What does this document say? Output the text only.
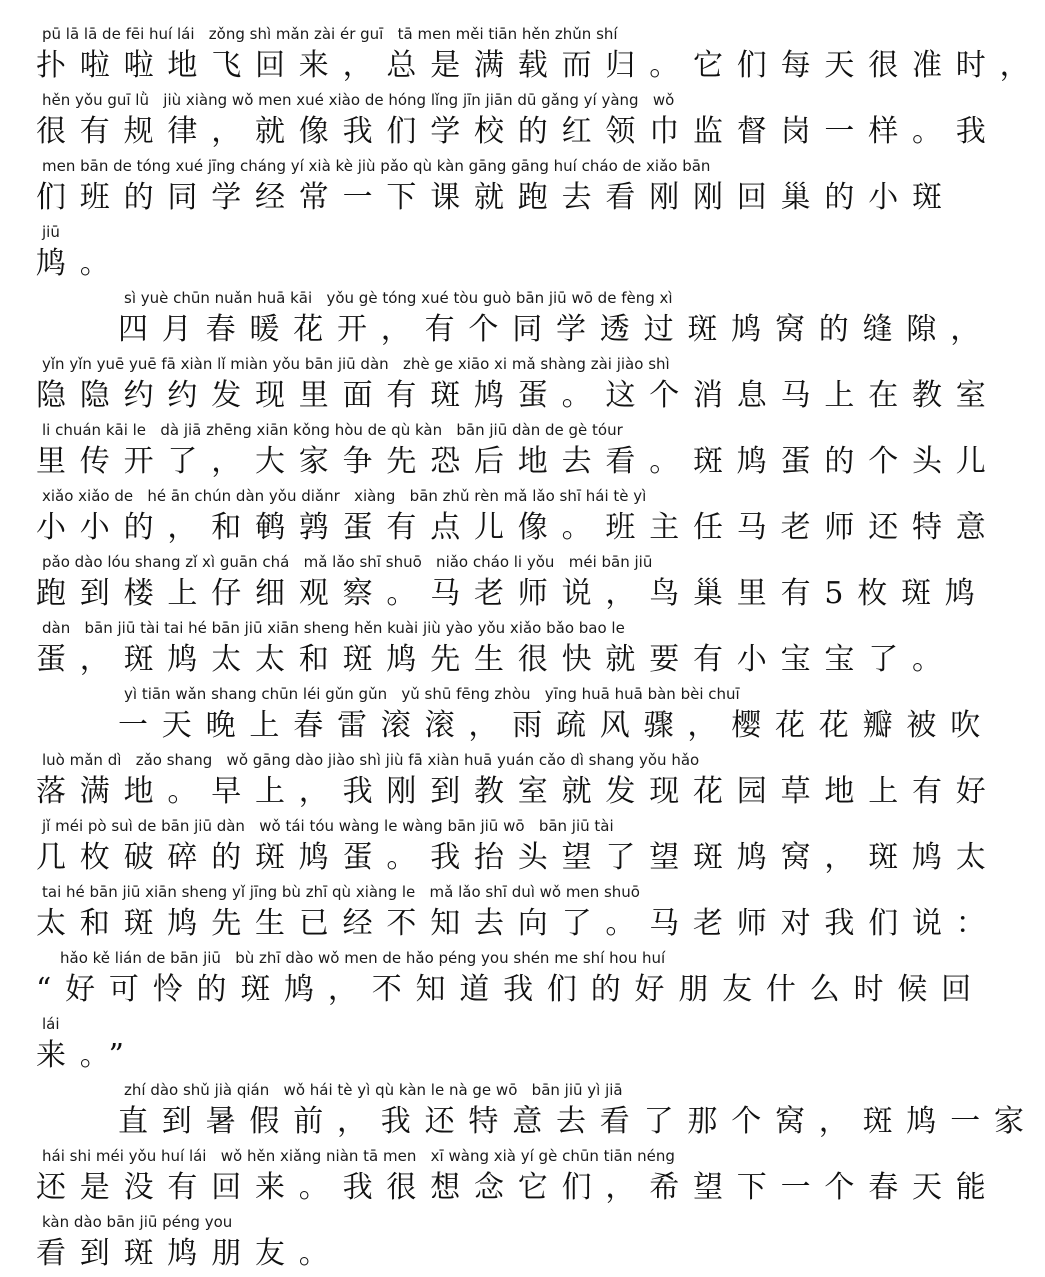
pū lā lā de fēi huí lái   zǒng shì mǎn zài ér guī   tā men měi tiān hěn zhǔn shí
扑啦啦地飞回来，总是满载而归。它们每天很准时，
hěn yǒu guī lǜ   jiù xiàng wǒ men xué xiào de hóng lǐng jīn jiān dū gǎng yí yàng   wǒ
很有规律，就像我们学校的红领巾监督岗一样。我
men bān de tóng xué jīng cháng yí xià kè jiù pǎo qù kàn gāng gāng huí cháo de xiǎo bān
们班的同学经常一下课就跑去看刚刚回巢的小斑
jiū
鸠。
sì yuè chūn nuǎn huā kāi   yǒu gè tóng xué tòu guò bān jiū wō de fèng xì
四月春暖花开，有个同学透过斑鸠窝的缝隙，
yǐn yǐn yuē yuē fā xiàn lǐ miàn yǒu bān jiū dàn   zhè ge xiāo xi mǎ shàng zài jiào shì
隐隐约约发现里面有斑鸠蛋。这个消息马上在教室
li chuán kāi le   dà jiā zhēng xiān kǒng hòu de qù kàn   bān jiū dàn de gè tóur
里传开了，大家争先恐后地去看。斑鸠蛋的个头儿
xiǎo xiǎo de   hé ān chún dàn yǒu diǎnr   xiàng   bān zhǔ rèn mǎ lǎo shī hái tè yì
小小的，和鹌鹑蛋有点儿像。班主任马老师还特意
pǎo dào lóu shang zǐ xì guān chá   mǎ lǎo shī shuō   niǎo cháo li yǒu   méi bān jiū
跑到楼上仔细观察。马老师说，鸟巢里有5枚斑鸠
dàn   bān jiū tài tai hé bān jiū xiān sheng hěn kuài jiù yào yǒu xiǎo bǎo bao le
蛋，斑鸠太太和斑鸠先生很快就要有小宝宝了。
yì tiān wǎn shang chūn léi gǔn gǔn   yǔ shū fēng zhòu   yīng huā huā bàn bèi chuī
一天晚上春雷滚滚，雨疏风骤，樱花花瓣被吹
luò mǎn dì   zǎo shang   wǒ gāng dào jiào shì jiù fā xiàn huā yuán cǎo dì shang yǒu hǎo
落满地。早上，我刚到教室就发现花园草地上有好
jǐ méi pò suì de bān jiū dàn   wǒ tái tóu wàng le wàng bān jiū wō   bān jiū tài
几枚破碎的斑鸠蛋。我抬头望了望斑鸠窝，斑鸠太
tai hé bān jiū xiān sheng yǐ jīng bù zhī qù xiàng le   mǎ lǎo shī duì wǒ men shuō
太和斑鸠先生已经不知去向了。马老师对我们说：
hǎo kě lián de bān jiū   bù zhī dào wǒ men de hǎo péng you shén me shí hou huí
“好可怜的斑鸠，不知道我们的好朋友什么时候回
lái
来。”
zhí dào shǔ jià qián   wǒ hái tè yì qù kàn le nà ge wō   bān jiū yì jiā
直到暑假前，我还特意去看了那个窝，斑鸠一家
hái shi méi yǒu huí lái   wǒ hěn xiǎng niàn tā men   xī wàng xià yí gè chūn tiān néng
还是没有回来。我很想念它们，希望下一个春天能
kàn dào bān jiū péng you
看到斑鸠朋友。
